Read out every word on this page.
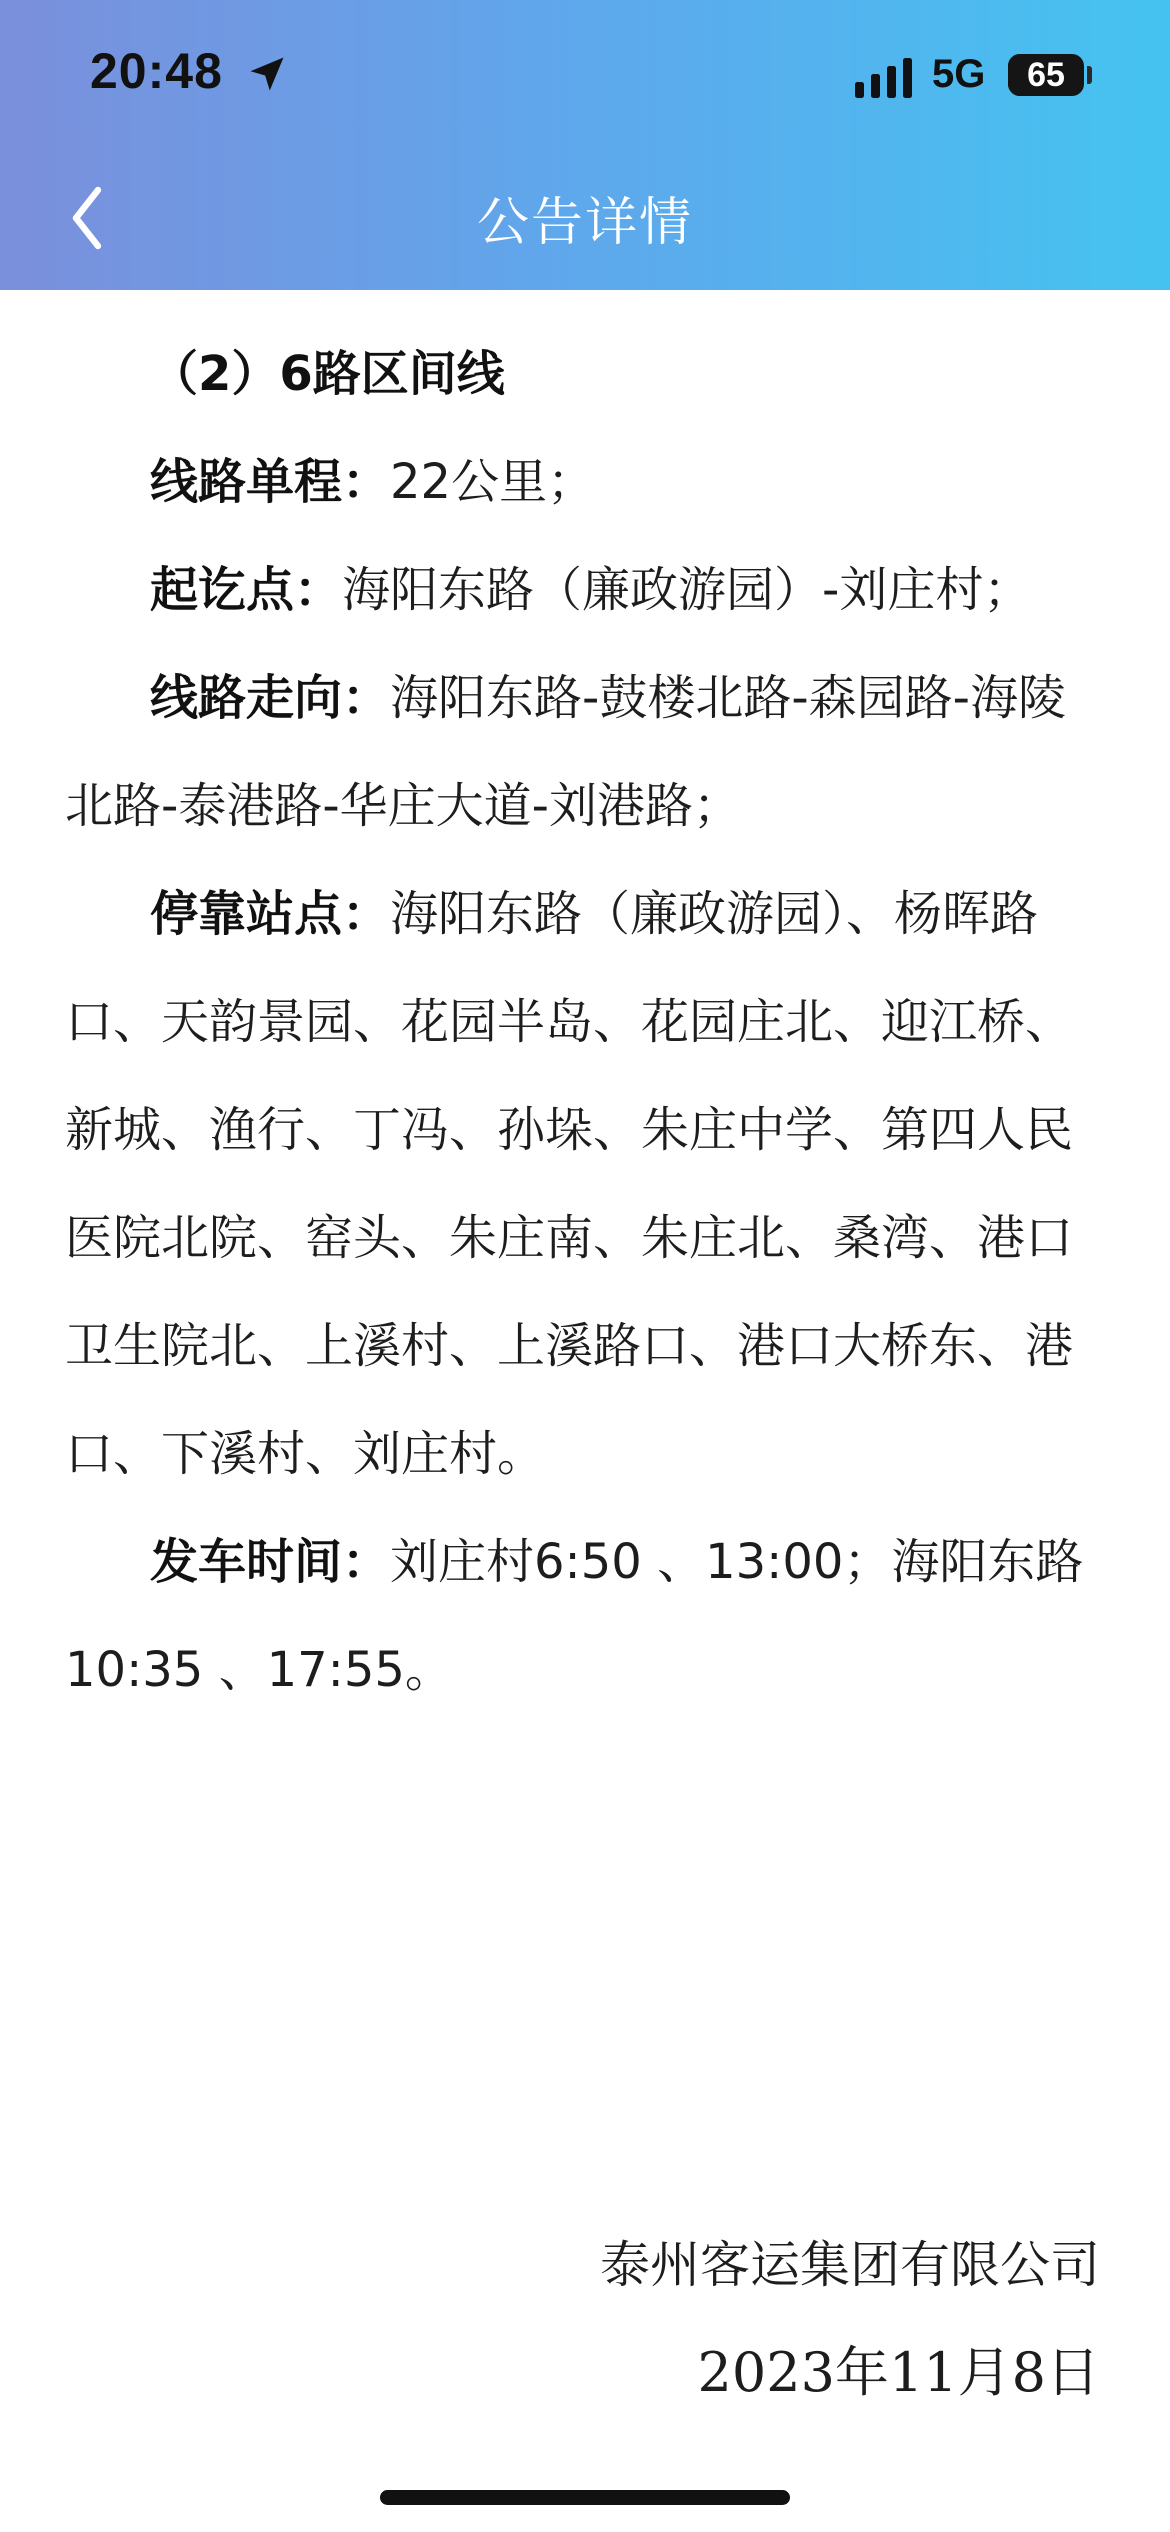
20:48	5G	65
公告详情

（2）6路区间线

线路单程：22公里；

起讫点：海阳东路（廉政游园）-刘庄村；

线路走向：海阳东路-鼓楼北路-森园路-海陵北路-泰港路-华庄大道-刘港路；

停靠站点：海阳东路（廉政游园）、杨晖路口、天韵景园、花园半岛、花园庄北、迎江桥、新城、渔行、丁冯、孙垛、朱庄中学、第四人民医院北院、窑头、朱庄南、朱庄北、桑湾、港口卫生院北、上溪村、上溪路口、港口大桥东、港口、下溪村、刘庄村。

发车时间：刘庄村6:50 、13:00；海阳东路10:35 、17:55。

泰州客运集团有限公司
2023年11月8日
